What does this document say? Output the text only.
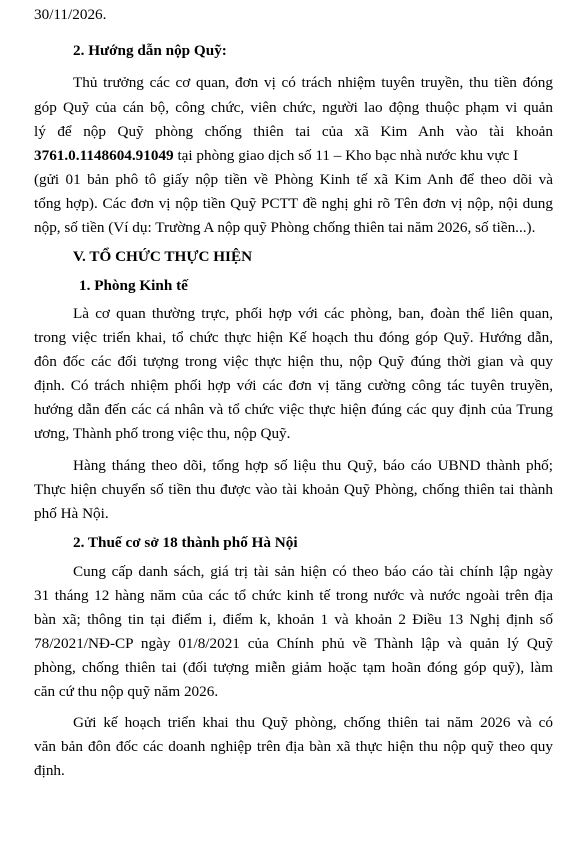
30/11/2026.
2. Hướng dẫn nộp Quỹ:
Thủ trưởng các cơ quan, đơn vị có trách nhiệm tuyên truyền, thu tiền đóng
góp Quỹ của cán bộ, công chức, viên chức, người lao động thuộc phạm vi quản
lý để nộp Quỹ phòng chống thiên tai của xã Kim Anh vào tài khoản
3761.0.1148604.91049 tại phòng giao dịch số 11 – Kho bạc nhà nước khu vực I
(gửi 01 bản phô tô giấy nộp tiền về Phòng Kinh tế xã Kim Anh để theo dõi và
tổng hợp). Các đơn vị nộp tiền Quỹ PCTT đề nghị ghi rõ Tên đơn vị nộp, nội dung
nộp, số tiền (Ví dụ: Trường A nộp quỹ Phòng chống thiên tai năm 2026, số tiền...).
V. TỔ CHỨC THỰC HIỆN
1. Phòng Kinh tế
Là cơ quan thường trực, phối hợp với các phòng, ban, đoàn thể liên quan,
trong việc triển khai, tổ chức thực hiện Kế hoạch thu đóng góp Quỹ. Hướng dẫn,
đôn đốc các đối tượng trong việc thực hiện thu, nộp Quỹ đúng thời gian và quy
định. Có trách nhiệm phối hợp với các đơn vị tăng cường công tác tuyên truyền,
hướng dẫn đến các cá nhân và tổ chức việc thực hiện đúng các quy định của Trung
ương, Thành phố trong việc thu, nộp Quỹ.
Hàng tháng theo dõi, tổng hợp số liệu thu Quỹ, báo cáo UBND thành phố;
Thực hiện chuyển số tiền thu được vào tài khoản Quỹ Phòng, chống thiên tai thành
phố Hà Nội.
2. Thuế cơ sở 18 thành phố Hà Nội
Cung cấp danh sách, giá trị tài sản hiện có theo báo cáo tài chính lập ngày
31 tháng 12 hàng năm của các tổ chức kinh tế trong nước và nước ngoài trên địa
bàn xã; thông tin tại điểm i, điểm k, khoản 1 và khoản 2 Điều 13 Nghị định số
78/2021/NĐ-CP ngày 01/8/2021 của Chính phủ về Thành lập và quản lý Quỹ
phòng, chống thiên tai (đối tượng miễn giảm hoặc tạm hoãn đóng góp quỹ), làm
căn cứ thu nộp quỹ năm 2026.
Gửi kế hoạch triển khai thu Quỹ phòng, chống thiên tai năm 2026 và có
văn bản đôn đốc các doanh nghiệp trên địa bàn xã thực hiện thu nộp quỹ theo quy
định.
